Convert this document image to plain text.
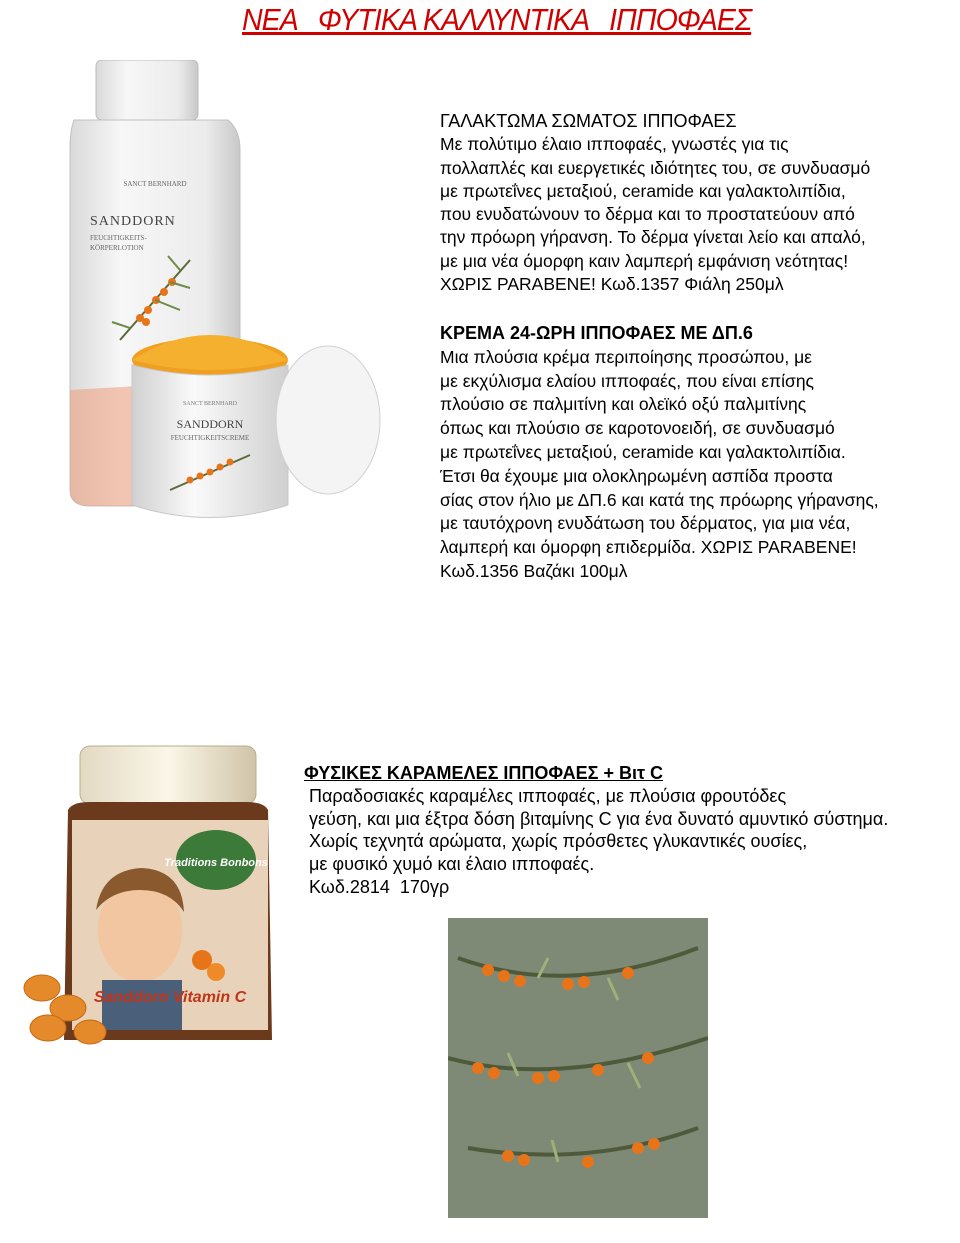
ΝΕΑ   ΦΥΤΙΚΑ ΚΑΛΛΥΝΤΙΚΑ   ΙΠΠΟΦΑΕΣ
SANCT BERNHARD
SANDDORN
FEUCHTIGKEITS-
KÖRPERLOTION
SANCT BERNHARD
SANDDORN
FEUCHTIGKEITSCREME
Traditions Bonbons
Sanddorn Vitamin C
ΓΑΛΑΚΤΩΜΑ ΣΩΜΑΤΟΣ ΙΠΠΟΦΑΕΣ
Με πολύτιμο έλαιο ιπποφαές, γνωστές για τις
πολλαπλές και ευεργετικές ιδιότητες του, σε συνδυασμό
με πρωτεΐνες μεταξιού, ceramide και γαλακτολιπίδια,
που ενυδατώνουν το δέρμα και το προστατεύουν από
την πρόωρη γήρανση. Το δέρμα γίνεται λείο και απαλό,
με μια νέα όμορφη καιν λαμπερή εμφάνιση νεότητας!
ΧΩΡΙΣ PARABENE! Κωδ.1357 Φιάλη 250μλ
ΚΡΕΜΑ 24-ΩΡΗ ΙΠΠΟΦΑΕΣ ΜΕ ΔΠ.6
Μια πλούσια κρέμα περιποίησης προσώπου, με
με εκχύλισμα ελαίου ιπποφαές, που είναι επίσης
πλούσιο σε παλμιτίνη και ολεϊκό οξύ παλμιτίνης
όπως και πλούσιο σε καροτονοειδή, σε συνδυασμό
με πρωτεΐνες μεταξιού, ceramide και γαλακτολιπίδια.
Έτσι θα έχουμε μια ολοκληρωμένη ασπίδα προστα
σίας στον ήλιο με ΔΠ.6 και κατά της πρόωρης γήρανσης,
με ταυτόχρονη ενυδάτωση του δέρματος, για μια νέα,
λαμπερή και όμορφη επιδερμίδα. ΧΩΡΙΣ PARABENE!
Κωδ.1356 Βαζάκι 100μλ
ΦΥΣΙΚΕΣ ΚΑΡΑΜΕΛΕΣ ΙΠΠΟΦΑΕΣ + Βιτ C
Παραδοσιακές καραμέλες ιπποφαές, με πλούσια φρουτόδες
γεύση, και μια έξτρα δόση βιταμίνης C για ένα δυνατό αμυντικό σύστημα.
Χωρίς τεχνητά αρώματα, χωρίς πρόσθετες γλυκαντικές ουσίες,
με φυσικό χυμό και έλαιο ιπποφαές.
Κωδ.2814  170γρ
